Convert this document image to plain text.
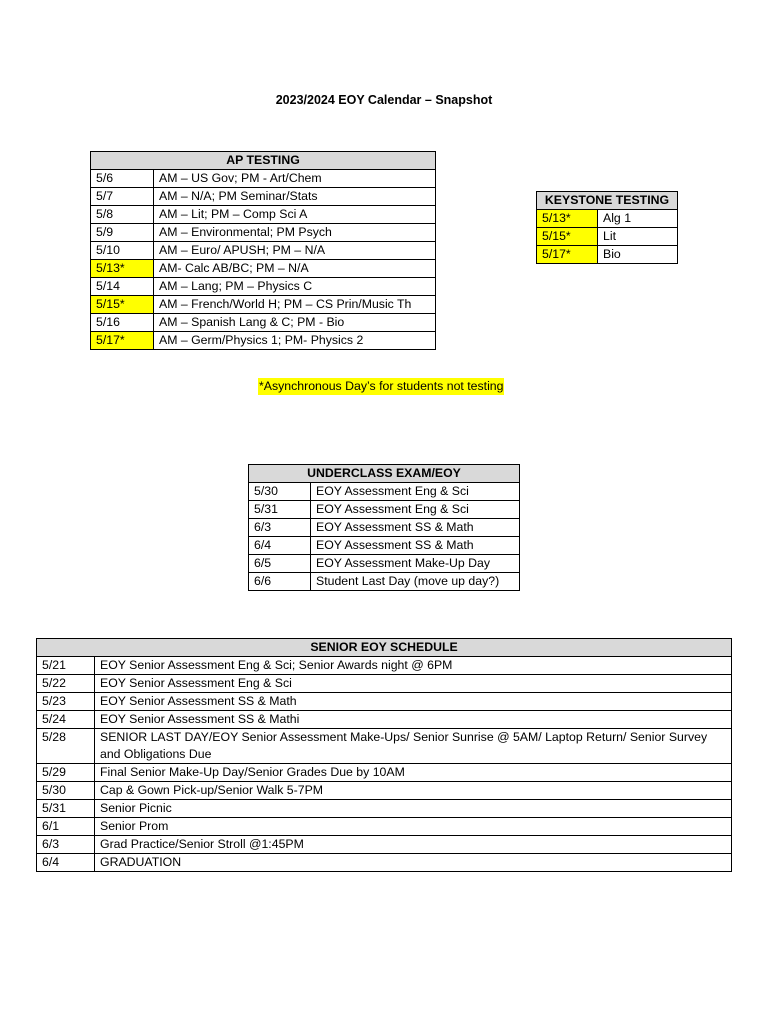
2023/2024 EOY Calendar – Snapshot
AP TESTING	
5/6	AM – US Gov; PM - Art/Chem
5/7	AM – N/A; PM Seminar/Stats
5/8	AM – Lit; PM – Comp Sci A
5/9	AM – Environmental; PM Psych
5/10	AM – Euro/ APUSH; PM – N/A
5/13*	AM- Calc AB/BC; PM – N/A
5/14	AM – Lang; PM – Physics C
5/15*	AM – French/World H; PM – CS Prin/Music Th
5/16	AM – Spanish Lang & C; PM - Bio
5/17*	AM – Germ/Physics 1; PM- Physics 2
KEYSTONE TESTING	
5/13*	Alg 1
5/15*	Lit
5/17*	Bio
*Asynchronous Day’s for students not testing
UNDERCLASS EXAM/EOY	
5/30	EOY Assessment Eng & Sci
5/31	EOY Assessment Eng & Sci
6/3	EOY Assessment SS & Math
6/4	EOY Assessment SS & Math
6/5	EOY Assessment Make-Up Day
6/6	Student Last Day (move up day?)
SENIOR EOY SCHEDULE	
5/21	EOY Senior Assessment Eng & Sci; Senior Awards night @ 6PM
5/22	EOY Senior Assessment Eng & Sci
5/23	EOY Senior Assessment SS & Math
5/24	EOY Senior Assessment SS & Mathi
5/28	SENIOR LAST DAY/EOY Senior Assessment Make-Ups/ Senior Sunrise @ 5AM/ Laptop Return/ Senior Survey and Obligations Due
5/29	Final Senior Make-Up Day/Senior Grades Due by 10AM
5/30	Cap & Gown Pick-up/Senior Walk 5-7PM
5/31	Senior Picnic
6/1	Senior Prom
6/3	Grad Practice/Senior Stroll @1:45PM
6/4	GRADUATION
